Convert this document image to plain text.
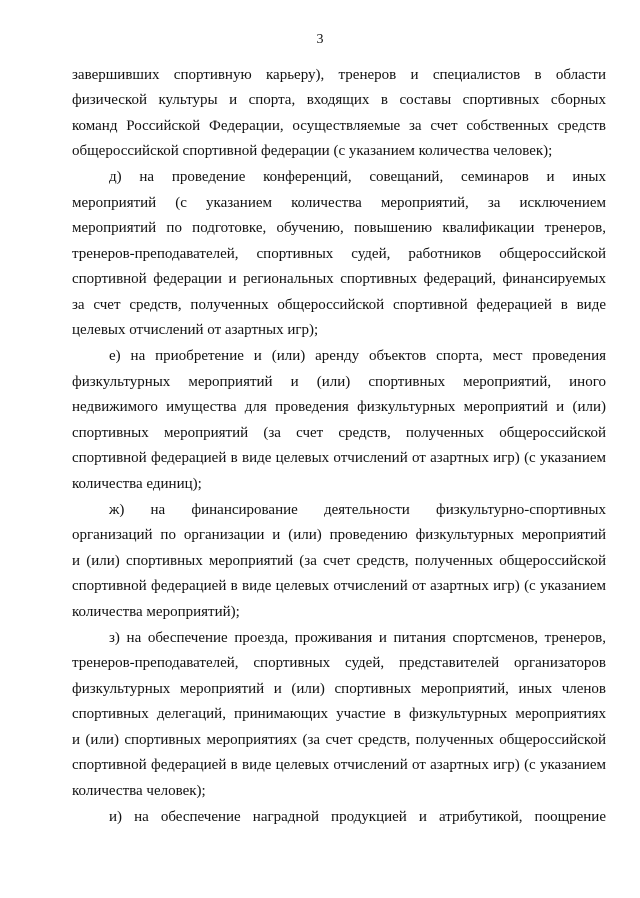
3
завершивших спортивную карьеру), тренеров и специалистов в области
физической культуры и спорта, входящих в составы спортивных сборных
команд Российской Федерации, осуществляемые за счет собственных средств
общероссийской спортивной федерации (с указанием количества человек);
д) на проведение конференций, совещаний, семинаров и иных
мероприятий (с указанием количества мероприятий, за исключением
мероприятий по подготовке, обучению, повышению квалификации тренеров,
тренеров-преподавателей, спортивных судей, работников общероссийской
спортивной федерации и региональных спортивных федераций, финансируемых
за счет средств, полученных общероссийской спортивной федерацией в виде
целевых отчислений от азартных игр);
е) на приобретение и (или) аренду объектов спорта, мест проведения
физкультурных мероприятий и (или) спортивных мероприятий, иного
недвижимого имущества для проведения физкультурных мероприятий и (или)
спортивных мероприятий (за счет средств, полученных общероссийской
спортивной федерацией в виде целевых отчислений от азартных игр) (с указанием
количества единиц);
ж) на финансирование деятельности физкультурно-спортивных
организаций по организации и (или) проведению физкультурных мероприятий
и (или) спортивных мероприятий (за счет средств, полученных общероссийской
спортивной федерацией в виде целевых отчислений от азартных игр) (с указанием
количества мероприятий);
з) на обеспечение проезда, проживания и питания спортсменов, тренеров,
тренеров-преподавателей, спортивных судей, представителей организаторов
физкультурных мероприятий и (или) спортивных мероприятий, иных членов
спортивных делегаций, принимающих участие в физкультурных мероприятиях
и (или) спортивных мероприятиях (за счет средств, полученных общероссийской
спортивной федерацией в виде целевых отчислений от азартных игр) (с указанием
количества человек);
и) на обеспечение наградной продукцией и атрибутикой, поощрение
